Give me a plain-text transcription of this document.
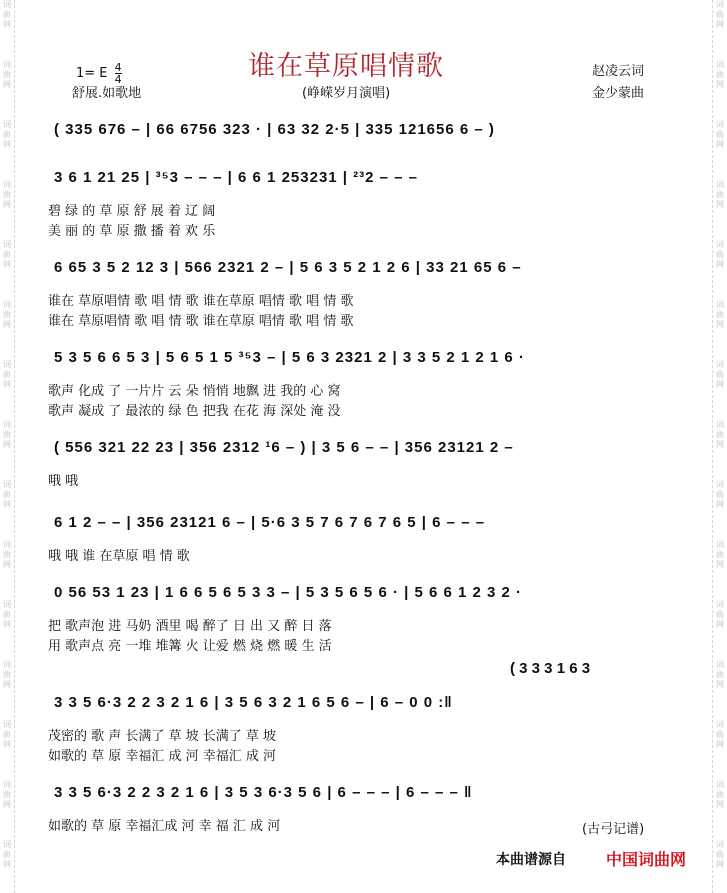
词
曲
网
词
曲
网
词
曲
网
词
曲
网
词
曲
网
词
曲
网
词
曲
网
词
曲
网
词
曲
网
词
曲
网
词
曲
网
词
曲
网
词
曲
网
词
曲
网
词
曲
网
词
曲
网
词
曲
网
词
曲
网
词
曲
网
词
曲
网
词
曲
网
词
曲
网
词
曲
网
词
曲
网
词
曲
网
词
曲
网
词
曲
网
词
曲
网
词
曲
网
词
曲
网
谁在草原唱情歌
1= E $\frac{4}{4}$
舒展.如歌地	(峥嵘岁月演唱)
赵凌云词
金少蒙曲
( 335 676 – | 66 6756 323 · | 63 32 2·5 | 335 121656 6 – )
3 6 1 21 25 | ³⁵3 – – – | 6 6 1 253231 | ²³2 – – –
碧 绿 的 草 原 舒 展 着 辽 阔
美 丽 的 草 原 撒 播 着 欢 乐
6 65 3 5 2 12 3 | 566 2321 2 – | 5 6 3 5 2 1 2 6 | 33 21 65 6 –
谁在 草原唱情 歌 唱 情 歌 谁在草原 唱情 歌 唱 情 歌
谁在 草原唱情 歌 唱 情 歌 谁在草原 唱情 歌 唱 情 歌
5 3 5 6 6 5 3 | 5 6 5 1 5 ³⁵3 – | 5 6 3 2321 2 | 3 3 5 2 1 2 1 6 ·
歌声 化成 了 一片片 云 朵 悄悄 地飘 进 我的 心 窝
歌声 凝成 了 最浓的 绿 色 把我 在花 海 深处 淹 没
( 556 321 22 23 | 356 2312 ¹6 – ) | 3 5 6 – – | 356 23121 2 –
哦 哦
6 1 2 – – | 356 23121 6 – | 5·6 3 5 7 6 7 6 7 6 5 | 6 – – –
哦 哦 谁 在草原 唱 情 歌
0 56 53 1 23 | 1 6 6 5 6 5 3 3 – | 5 3 5 6 5 6 · | 5 6 6 1 2 3 2 ·
把 歌声泡 进 马奶 酒里 喝 醉了 日 出 又 醉 日 落
用 歌声点 亮 一堆 堆篝 火 让爱 燃 烧 燃 暖 生 活
3 3 5 6·3 2 2 3 2 1 6 | 3 5 6 3 2 1 6 5 6 – | 6 – 0 0 :‖
茂密的 歌 声 长满了 草 坡 长满了 草 坡
如歌的 草 原 幸福汇 成 河 幸福汇 成 河
3 3 5 6·3 2 2 3 2 1 6 | 3 5 3 6·3 5 6 | 6 – – – | 6 – – – ‖
如歌的 草 原 幸福汇成 河 幸 福 汇 成 河
( 3 3 3 1 6 3
(古弓记谱)
本曲谱源自	中国词曲网
